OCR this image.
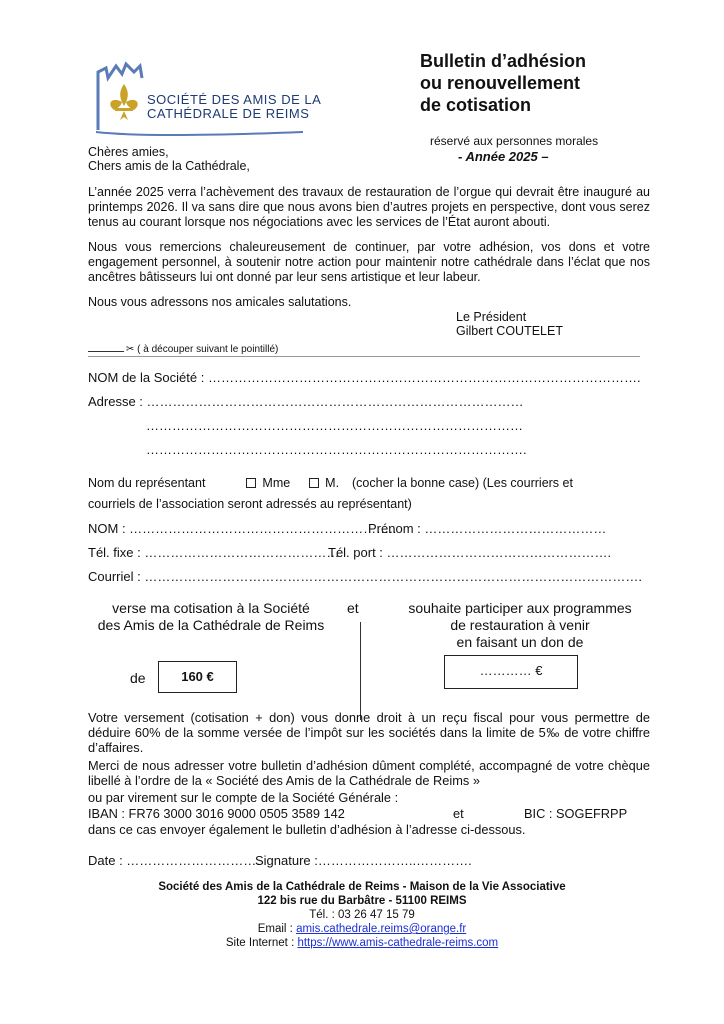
SOCIÉTÉ DES AMIS DE LA
CATHÉDRALE DE REIMS
Bulletin d’adhésion
ou renouvellement
de cotisation
réservé aux personnes morales
- Année 2025 –
Chères amies,
Chers amis de la Cathédrale,
L’année 2025 verra l’achèvement des travaux de restauration de l’orgue qui devrait être inauguré au printemps 2026. Il va sans dire que nous avons bien d’autres projets en perspective, dont vous serez tenus au courant lorsque nos négociations avec les services de l’État auront abouti.
Nous vous remercions chaleureusement de continuer, par votre adhésion, vos dons et votre engagement personnel, à soutenir notre action pour maintenir notre cathédrale dans l’éclat que nos ancêtres bâtisseurs lui ont donné par leur sens artistique et leur labeur.
Nous vous adressons nos amicales salutations.
Le Président
Gilbert COUTELET
✂ ( à découper suivant le pointillé)
NOM de la Société : ……………………………………………………………………………………….
Adresse : ……………………………………………………………………………
……………………………………………………………………………
…………………………………………………………………………….
Nom du représentant	Mme	M. (cocher la bonne case) (Les courriers et
courriels de l’association seront adressés au représentant)
NOM : ……………………………………………………..
Prénom : ……………………………………
Tél. fixe : ………………………………………
Tél. port : …………………………………………….
Courriel : …………………………………………………………………………………………………….
verse ma cotisation à la Société
des Amis de la Cathédrale de Reims
et	souhaite participer aux programmes
de restauration à venir
en faisant un don de
de	160 €	………… €
Votre versement (cotisation + don) vous donne droit à un reçu fiscal pour vous permettre de déduire 60% de la somme versée de l’impôt sur les sociétés dans la limite de 5‰ de votre chiffre d’affaires.
Merci de nous adresser votre bulletin d’adhésion dûment complété, accompagné de votre chèque libellé à l’ordre de la « Société des Amis de la Cathédrale de Reims »
ou par virement sur le compte de la Société Générale :
IBAN : FR76 3000 3016 9000 0505 3589 142	et	BIC : SOGEFRPP
dans ce cas envoyer également le bulletin d’adhésion à l’adresse ci-dessous.
Date : ………………………….
Signature :…………………..………….
Société des Amis de la Cathédrale de Reims - Maison de la Vie Associative
122 bis rue du Barbâtre - 51100 REIMS
Tél. : 03 26 47 15 79
Email : amis.cathedrale.reims@orange.fr
Site Internet : https://www.amis-cathedrale-reims.com
